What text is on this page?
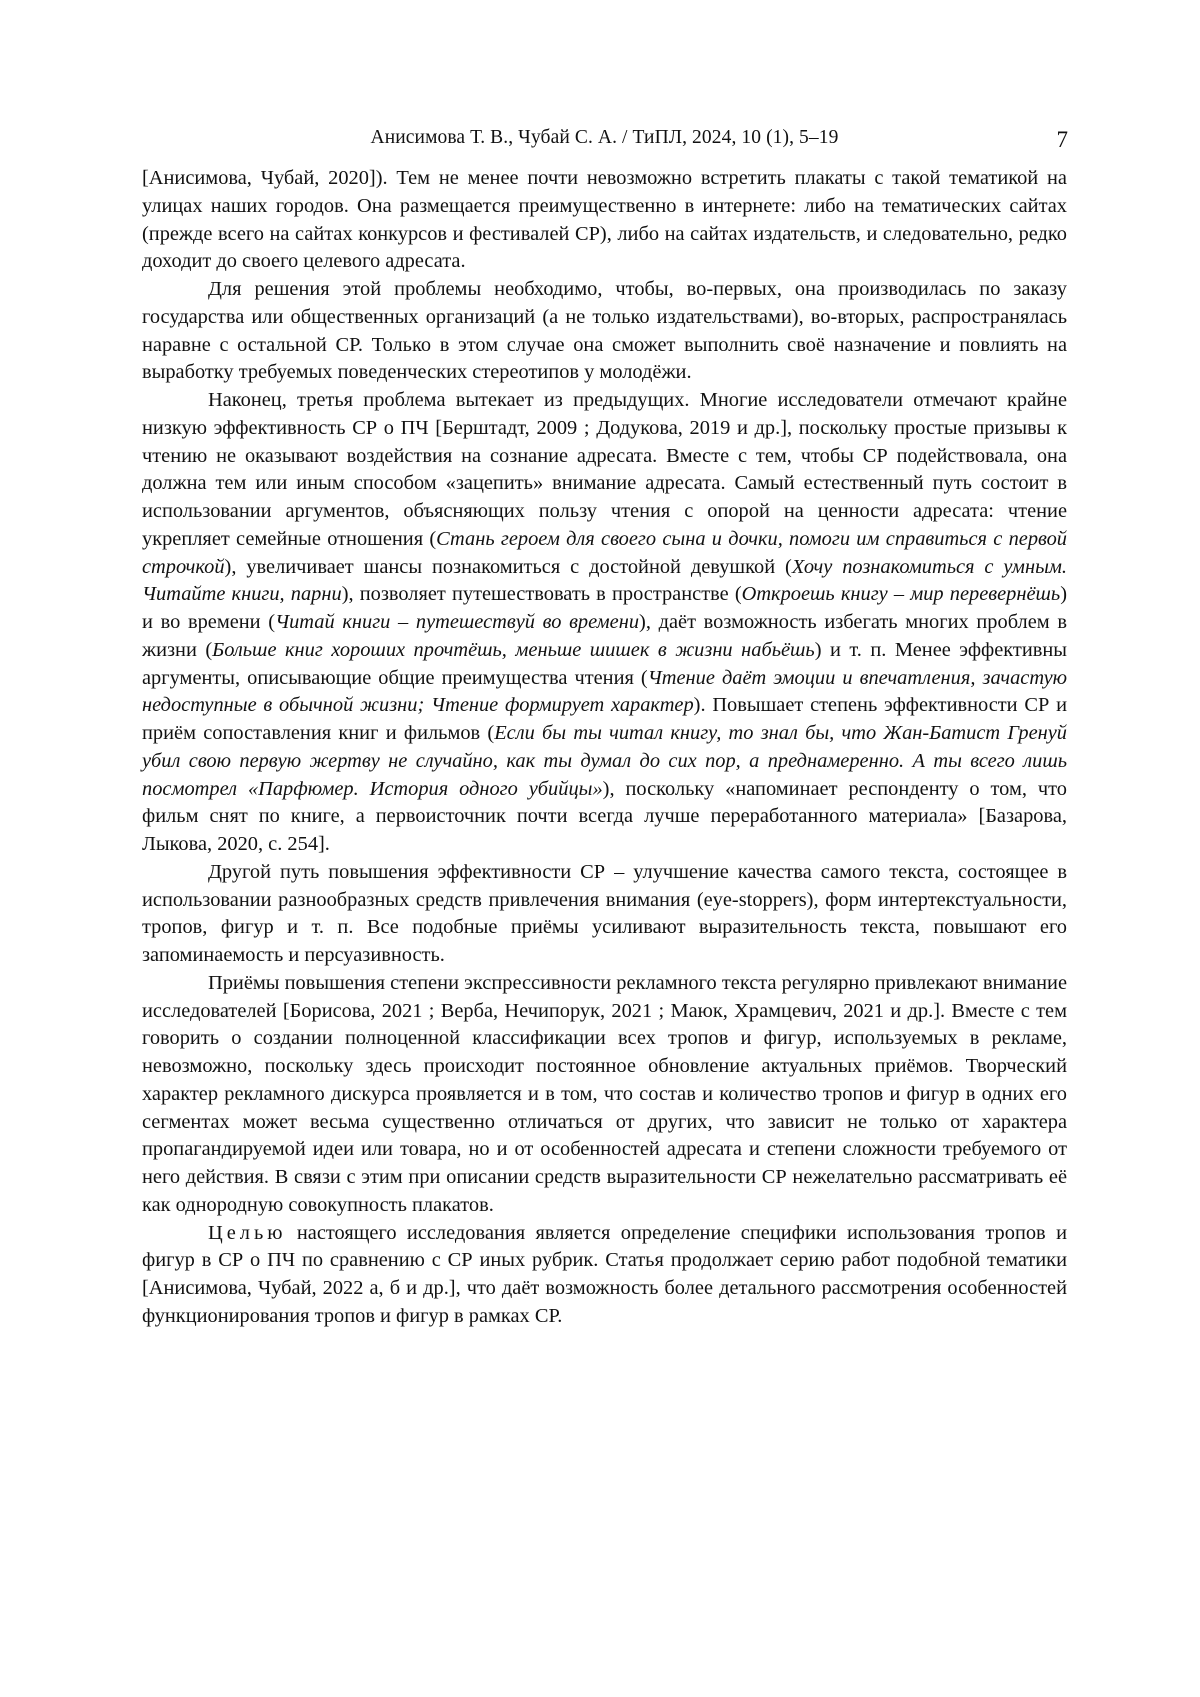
Анисимова Т. В., Чубай С. А. / ТиПЛ, 2024, 10 (1), 5–19	7

[Анисимова, Чубай, 2020]). Тем не менее почти невозможно встретить плакаты с такой тематикой на улицах наших городов. Она размещается преимущественно в интернете: либо на тематических сайтах (прежде всего на сайтах конкурсов и фестивалей СР), либо на сайтах издательств, и следовательно, редко доходит до своего целевого адресата.

Для решения этой проблемы необходимо, чтобы, во-первых, она производилась по заказу государства или общественных организаций (а не только издательствами), во-вторых, распространялась наравне с остальной СР. Только в этом случае она сможет выполнить своё назначение и повлиять на выработку требуемых поведенческих стереотипов у молодёжи.

Наконец, третья проблема вытекает из предыдущих. Многие исследователи отмечают крайне низкую эффективность СР о ПЧ [Берштадт, 2009 ; Додукова, 2019 и др.], поскольку простые призывы к чтению не оказывают воздействия на сознание адресата. Вместе с тем, чтобы СР подействовала, она должна тем или иным способом «зацепить» внимание адресата. Самый естественный путь состоит в использовании аргументов, объясняющих пользу чтения с опорой на ценности адресата: чтение укрепляет семейные отношения (Стань героем для своего сына и дочки, помоги им справиться с первой строчкой), увеличивает шансы познакомиться с достойной девушкой (Хочу познакомиться с умным. Читайте книги, парни), позволяет путешествовать в пространстве (Откроешь книгу – мир перевернёшь) и во времени (Читай книги – путешествуй во времени), даёт возможность избегать многих проблем в жизни (Больше книг хороших прочтёшь, меньше шишек в жизни набьёшь) и т. п. Менее эффективны аргументы, описывающие общие преимущества чтения (Чтение даёт эмоции и впечатления, зачастую недоступные в обычной жизни; Чтение формирует характер). Повышает степень эффективности СР и приём сопоставления книг и фильмов (Если бы ты читал книгу, то знал бы, что Жан-Батист Гренуй убил свою первую жертву не случайно, как ты думал до сих пор, а преднамеренно. А ты всего лишь посмотрел «Парфюмер. История одного убийцы»), поскольку «напоминает респонденту о том, что фильм снят по книге, а первоисточник почти всегда лучше переработанного материала» [Базарова, Лыкова, 2020, с. 254].

Другой путь повышения эффективности СР – улучшение качества самого текста, состоящее в использовании разнообразных средств привлечения внимания (eye-stoppers), форм интертекстуальности, тропов, фигур и т. п. Все подобные приёмы усиливают выразительность текста, повышают его запоминаемость и персуазивность.

Приёмы повышения степени экспрессивности рекламного текста регулярно привлекают внимание исследователей [Борисова, 2021 ; Верба, Нечипорук, 2021 ; Маюк, Храмцевич, 2021 и др.]. Вместе с тем говорить о создании полноценной классификации всех тропов и фигур, используемых в рекламе, невозможно, поскольку здесь происходит постоянное обновление актуальных приёмов. Творческий характер рекламного дискурса проявляется и в том, что состав и количество тропов и фигур в одних его сегментах может весьма существенно отличаться от других, что зависит не только от характера пропагандируемой идеи или товара, но и от особенностей адресата и степени сложности требуемого от него действия. В связи с этим при описании средств выразительности СР нежелательно рассматривать её как однородную совокупность плакатов.

Целью настоящего исследования является определение специфики использования тропов и фигур в СР о ПЧ по сравнению с СР иных рубрик. Статья продолжает серию работ подобной тематики [Анисимова, Чубай, 2022 а, б и др.], что даёт возможность более детального рассмотрения особенностей функционирования тропов и фигур в рамках СР.
